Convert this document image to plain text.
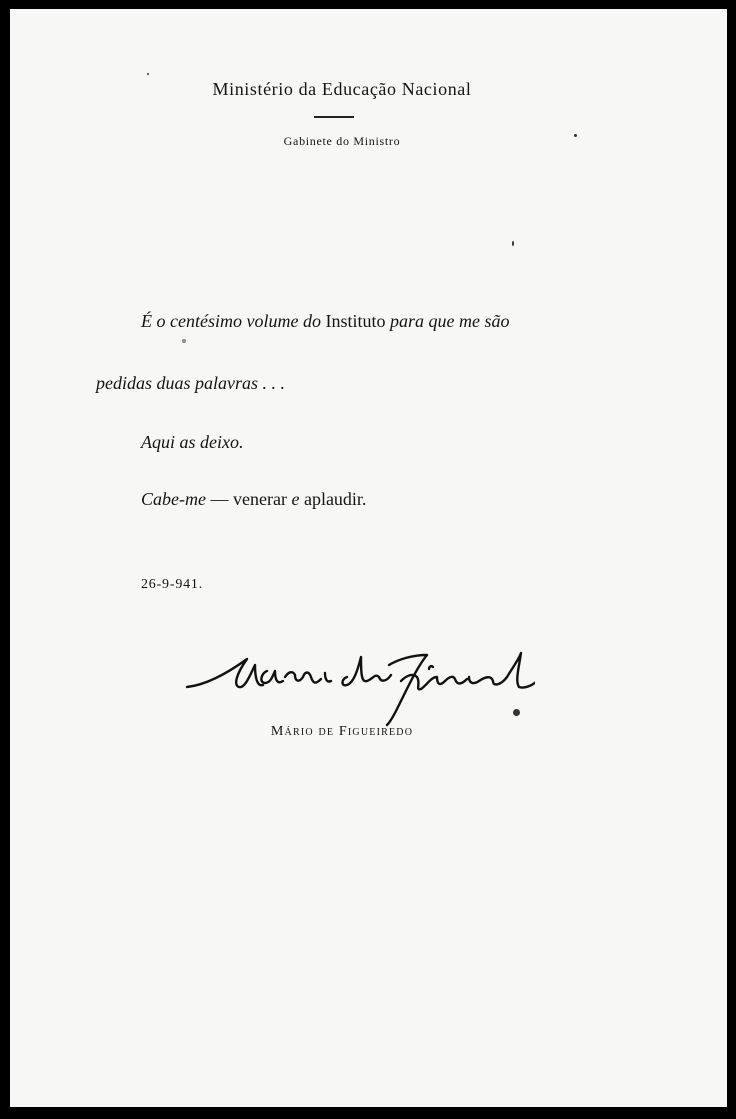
Ministério da Educação Nacional
Gabinete do Ministro
É o centésimo volume do Instituto para que me são
pedidas duas palavras . . .
Aqui as deixo.
Cabe-me — venerar e aplaudir.
26-9-941.
Mário de Figueiredo
